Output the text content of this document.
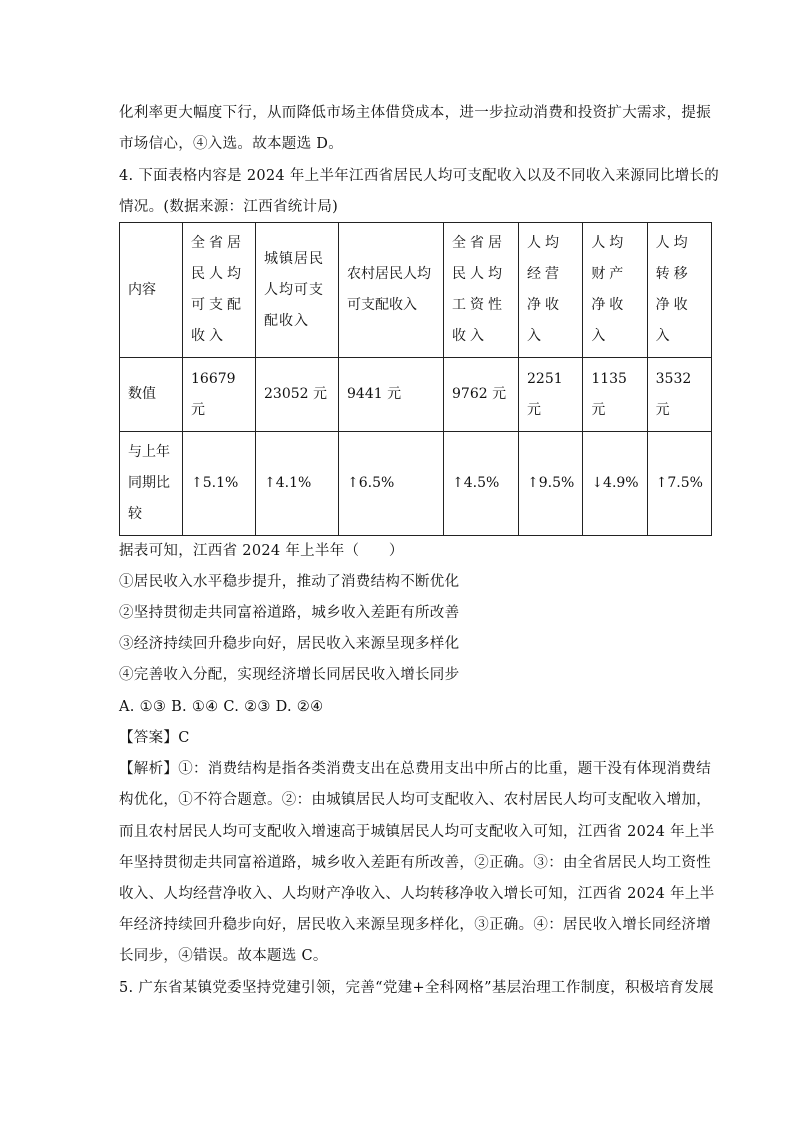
化利率更大幅度下行，从而降低市场主体借贷成本，进一步拉动消费和投资扩大需求，提振
市场信心，④入选。故本题选 D。
4. 下面表格内容是 2024 年上半年江西省居民人均可支配收入以及不同收入来源同比增长的
情况。(数据来源：江西省统计局)
内容	全省居民人均可支配收入	城镇居民人均可支配收入	农村居民人均可支配收入	全省居民人均工资性收入	人均经营净收入	人均财产净收入	人均转移净收入
数值	16679 元	23052 元	9441 元	9762 元	2251 元	1135 元	3532 元
与上年同期比较	↑5.1%	↑4.1%	↑6.5%	↑4.5%	↑9.5%	↓4.9%	↑7.5%
据表可知，江西省 2024 年上半年（　　）
①居民收入水平稳步提升，推动了消费结构不断优化
②坚持贯彻走共同富裕道路，城乡收入差距有所改善
③经济持续回升稳步向好，居民收入来源呈现多样化
④完善收入分配，实现经济增长同居民收入增长同步
A. ①③ B. ①④ C. ②③ D. ②④
【答案】C
【解析】①：消费结构是指各类消费支出在总费用支出中所占的比重，题干没有体现消费结
构优化，①不符合题意。②：由城镇居民人均可支配收入、农村居民人均可支配收入增加，
而且农村居民人均可支配收入增速高于城镇居民人均可支配收入可知，江西省 2024 年上半
年坚持贯彻走共同富裕道路，城乡收入差距有所改善，②正确。③：由全省居民人均工资性
收入、人均经营净收入、人均财产净收入、人均转移净收入增长可知，江西省 2024 年上半
年经济持续回升稳步向好，居民收入来源呈现多样化，③正确。④：居民收入增长同经济增
长同步，④错误。故本题选 C。
5. 广东省某镇党委坚持党建引领，完善“党建+全科网格”基层治理工作制度，积极培育发展
